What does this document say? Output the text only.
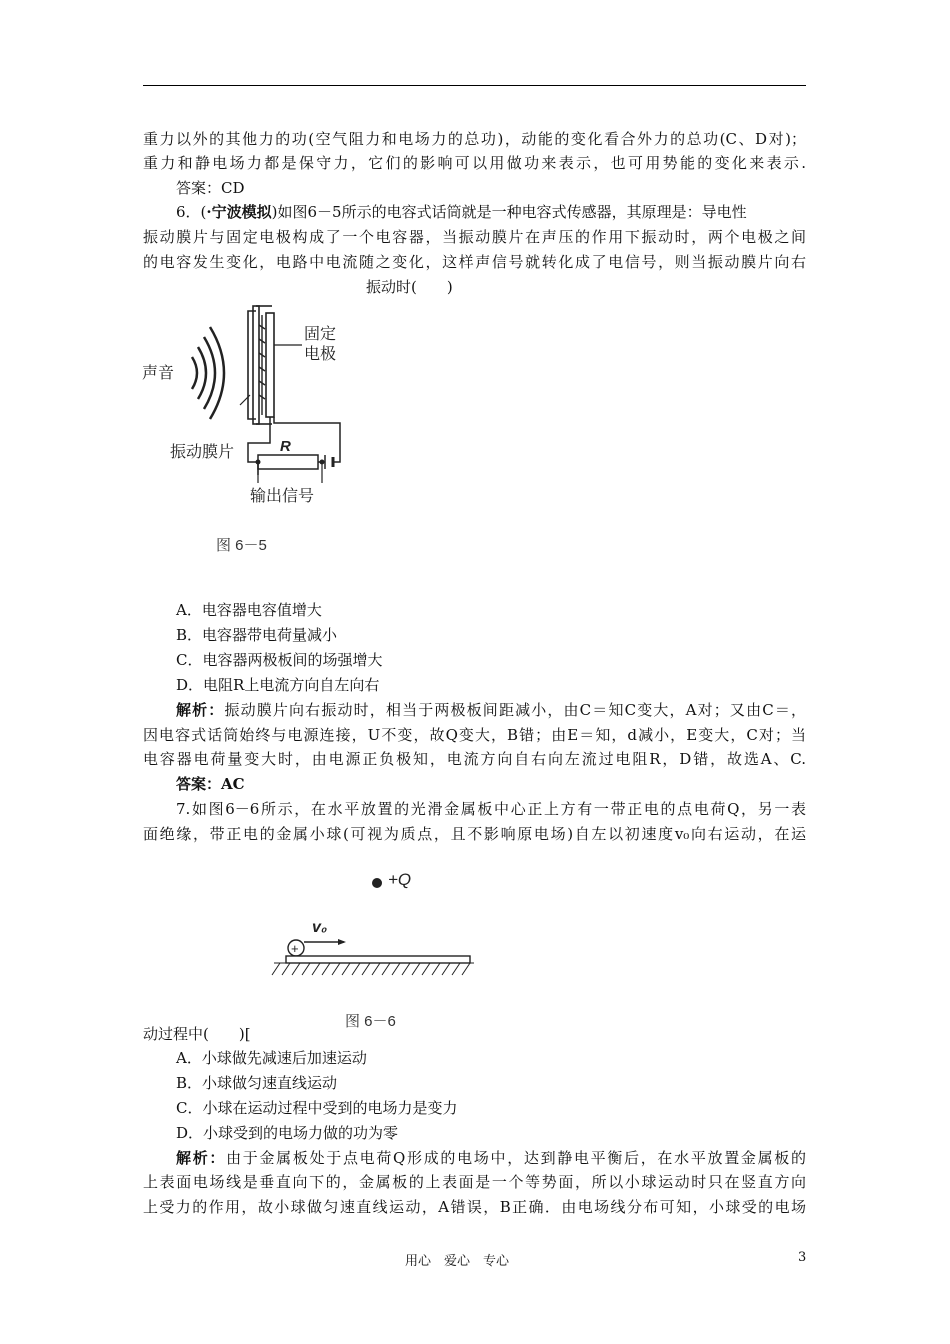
重力以外的其他力的功(空气阻力和电场力的总功)，动能的变化看合外力的总功(C、D对)；
重力和静电场力都是保守力，它们的影响可以用做功来表示，也可用势能的变化来表示.
答案：CD
6．(·宁波模拟)如图6－5所示的电容式话筒就是一种电容式传感器，其原理是：导电性
振动膜片与固定电极构成了一个电容器，当振动膜片在声压的作用下振动时，两个电极之间
的电容发生变化，电路中电流随之变化，这样声信号就转化成了电信号，则当振动膜片向右
振动时(　　)
固定
电极
声音
振动膜片	R
输出信号
图 6－5
A．电容器电容值增大
B．电容器带电荷量减小
C．电容器两极板间的场强增大
D．电阻R上电流方向自左向右
解析：振动膜片向右振动时，相当于两极板间距减小，由C＝知C变大，A对；又由C＝，
因电容式话筒始终与电源连接，U不变，故Q变大，B错；由E＝知，d减小，E变大，C对；当
电容器电荷量变大时，由电源正负极知，电流方向自右向左流过电阻R，D错，故选A、C.
答案：AC
7.如图6－6所示，在水平放置的光滑金属板中心正上方有一带正电的点电荷Q，另一表
面绝缘，带正电的金属小球(可视为质点，且不影响原电场)自左以初速度v₀向右运动，在运
+Q
v₀
+
图 6－6
动过程中(　　)[
A．小球做先减速后加速运动
B．小球做匀速直线运动
C．小球在运动过程中受到的电场力是变力
D．小球受到的电场力做的功为零
解析：由于金属板处于点电荷Q形成的电场中，达到静电平衡后，在水平放置金属板的
上表面电场线是垂直向下的，金属板的上表面是一个等势面，所以小球运动时只在竖直方向
上受力的作用，故小球做匀速直线运动，A错误，B正确．由电场线分布可知，小球受的电场
用心　爱心　专心	3
